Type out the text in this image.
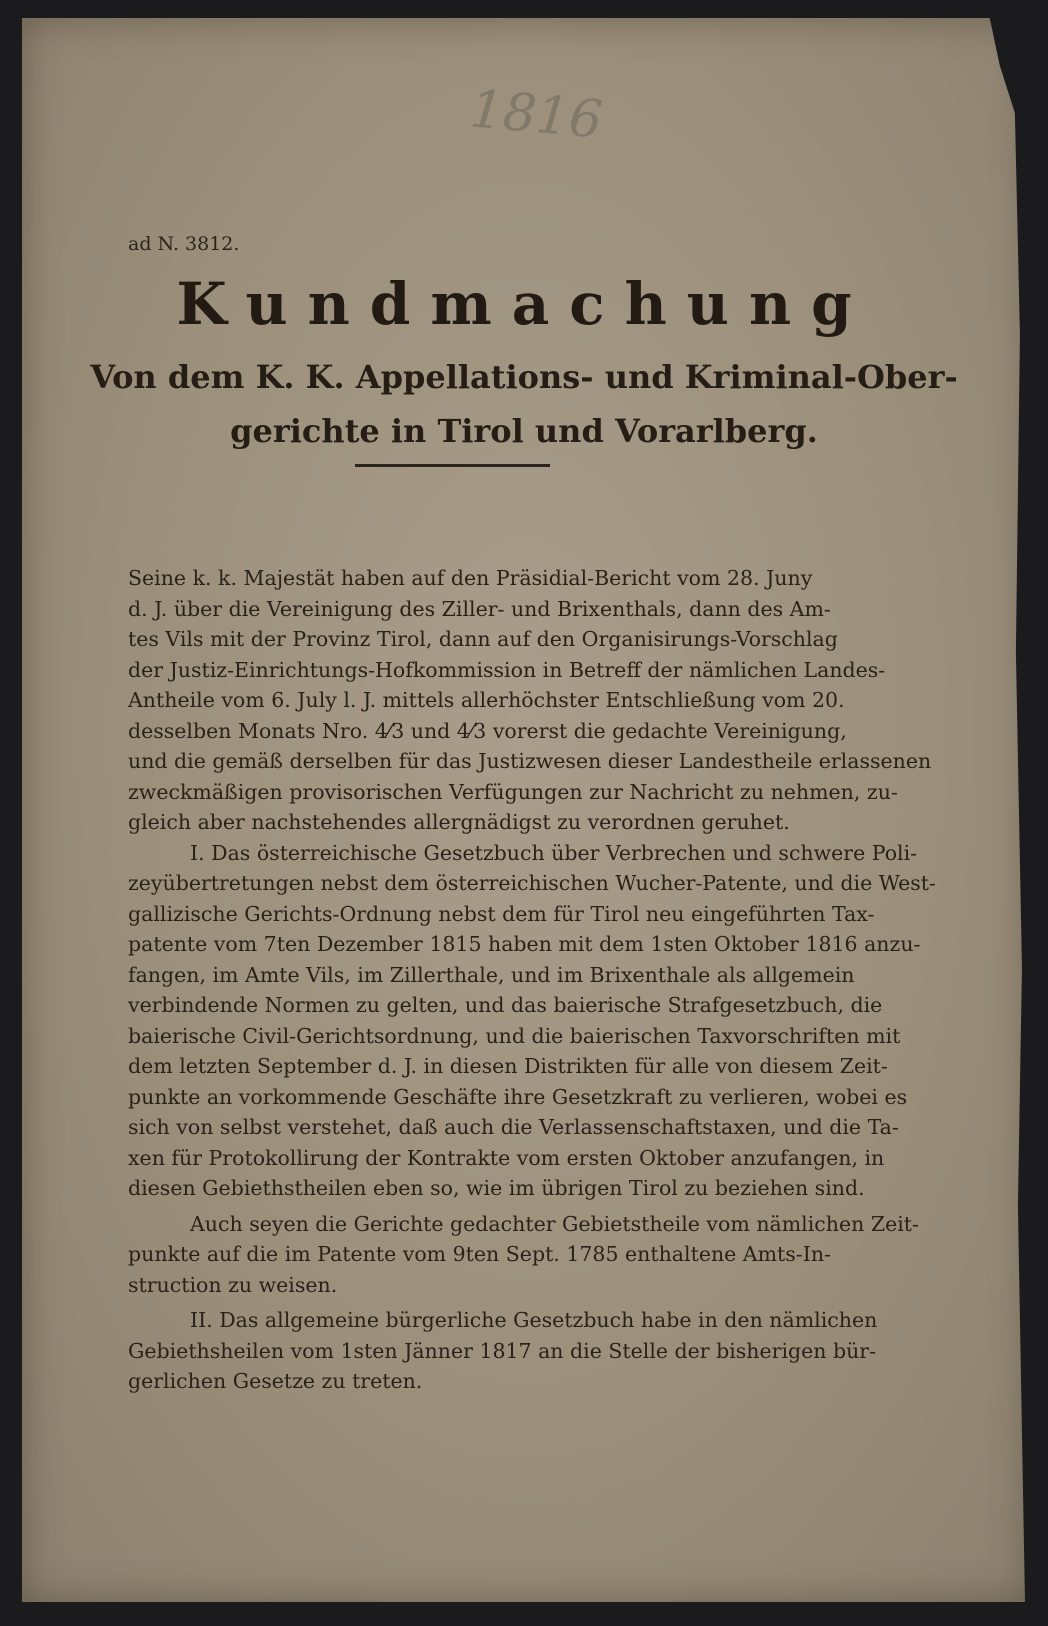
1816
ad N. 3812.
Kundmachung
Von dem K. K. Appellations- und Kriminal-Ober-
gerichte in Tirol und Vorarlberg.
Seine k. k. Majestät haben auf den Präsidial-Bericht vom 28. Juny
d. J. über die Vereinigung des Ziller- und Brixenthals, dann des Am-
tes Vils mit der Provinz Tirol, dann auf den Organisirungs-Vorschlag
der Justiz-Einrichtungs-Hofkommission in Betreff der nämlichen Landes-
Antheile vom 6. July l. J. mittels allerhöchster Entschließung vom 20.
desselben Monats Nro. 4⁄3 und 4⁄3 vorerst die gedachte Vereinigung,
und die gemäß derselben für das Justizwesen dieser Landestheile erlassenen
zweckmäßigen provisorischen Verfügungen zur Nachricht zu nehmen, zu-
gleich aber nachstehendes allergnädigst zu verordnen geruhet.
I. Das österreichische Gesetzbuch über Verbrechen und schwere Poli-
zeyübertretungen nebst dem österreichischen Wucher-Patente, und die West-
gallizische Gerichts-Ordnung nebst dem für Tirol neu eingeführten Tax-
patente vom 7ten Dezember 1815 haben mit dem 1sten Oktober 1816 anzu-
fangen, im Amte Vils, im Zillerthale, und im Brixenthale als allgemein
verbindende Normen zu gelten, und das baierische Strafgesetzbuch, die
baierische Civil-Gerichtsordnung, und die baierischen Taxvorschriften mit
dem letzten September d. J. in diesen Distrikten für alle von diesem Zeit-
punkte an vorkommende Geschäfte ihre Gesetzkraft zu verlieren, wobei es
sich von selbst verstehet, daß auch die Verlassenschaftstaxen, und die Ta-
xen für Protokollirung der Kontrakte vom ersten Oktober anzufangen, in
diesen Gebiethstheilen eben so, wie im übrigen Tirol zu beziehen sind.
Auch seyen die Gerichte gedachter Gebietstheile vom nämlichen Zeit-
punkte auf die im Patente vom 9ten Sept. 1785 enthaltene Amts-In-
struction zu weisen.
II. Das allgemeine bürgerliche Gesetzbuch habe in den nämlichen
Gebiethsheilen vom 1sten Jänner 1817 an die Stelle der bisherigen bür-
gerlichen Gesetze zu treten.
